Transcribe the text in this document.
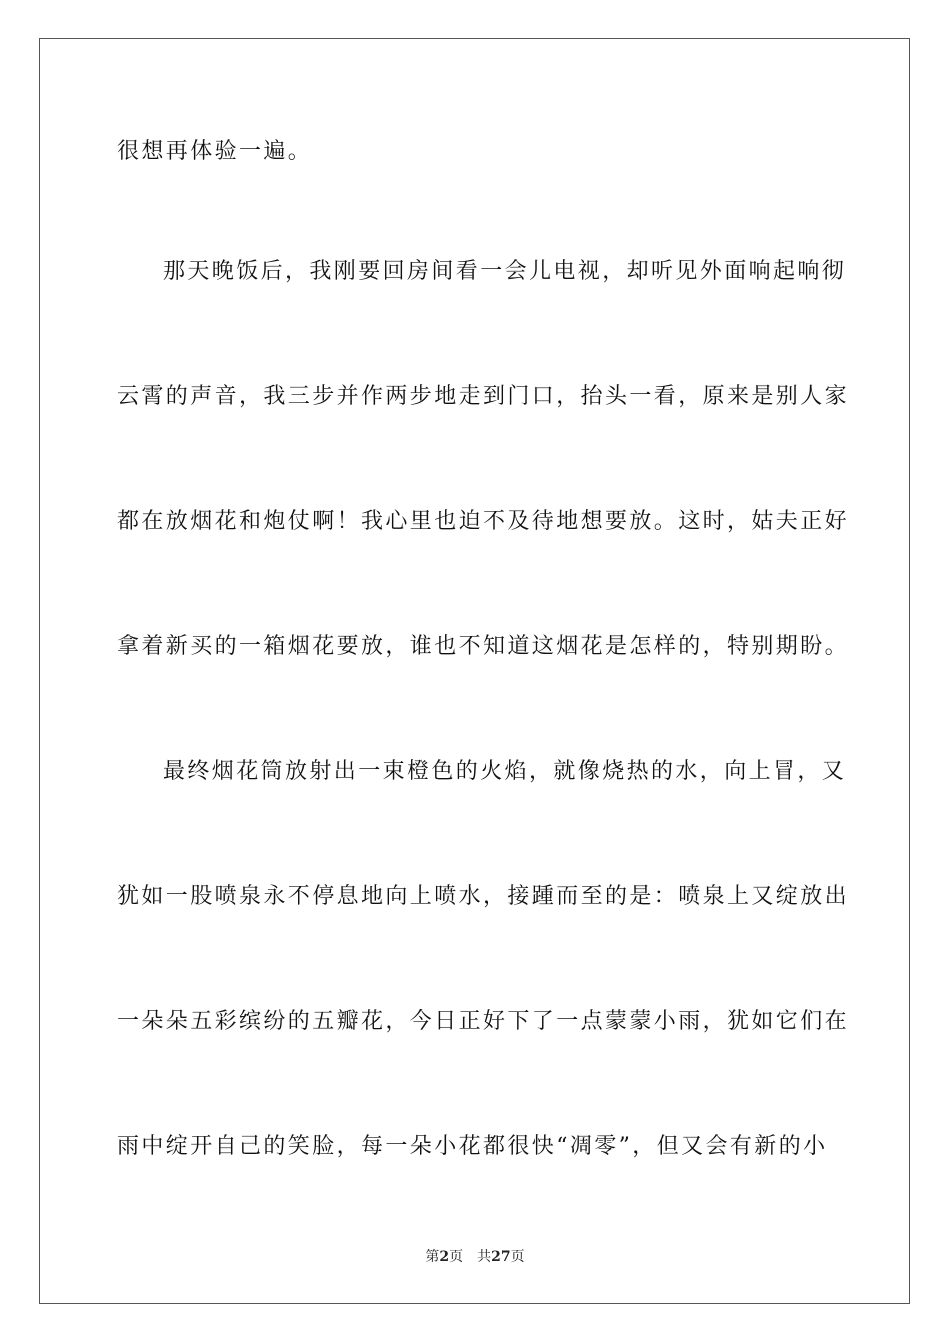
很想再体验一遍。
那天晚饭后，我刚要回房间看一会儿电视，却听见外面响起响彻
云霄的声音，我三步并作两步地走到门口，抬头一看，原来是别人家
都在放烟花和炮仗啊！我心里也迫不及待地想要放。这时，姑夫正好
拿着新买的一箱烟花要放，谁也不知道这烟花是怎样的，特别期盼。
最终烟花筒放射出一束橙色的火焰，就像烧热的水，向上冒，又
犹如一股喷泉永不停息地向上喷水，接踵而至的是：喷泉上又绽放出
一朵朵五彩缤纷的五瓣花，今日正好下了一点蒙蒙小雨，犹如它们在
雨中绽开自己的笑脸，每一朵小花都很快“凋零”，但又会有新的小
第2页 共27页
